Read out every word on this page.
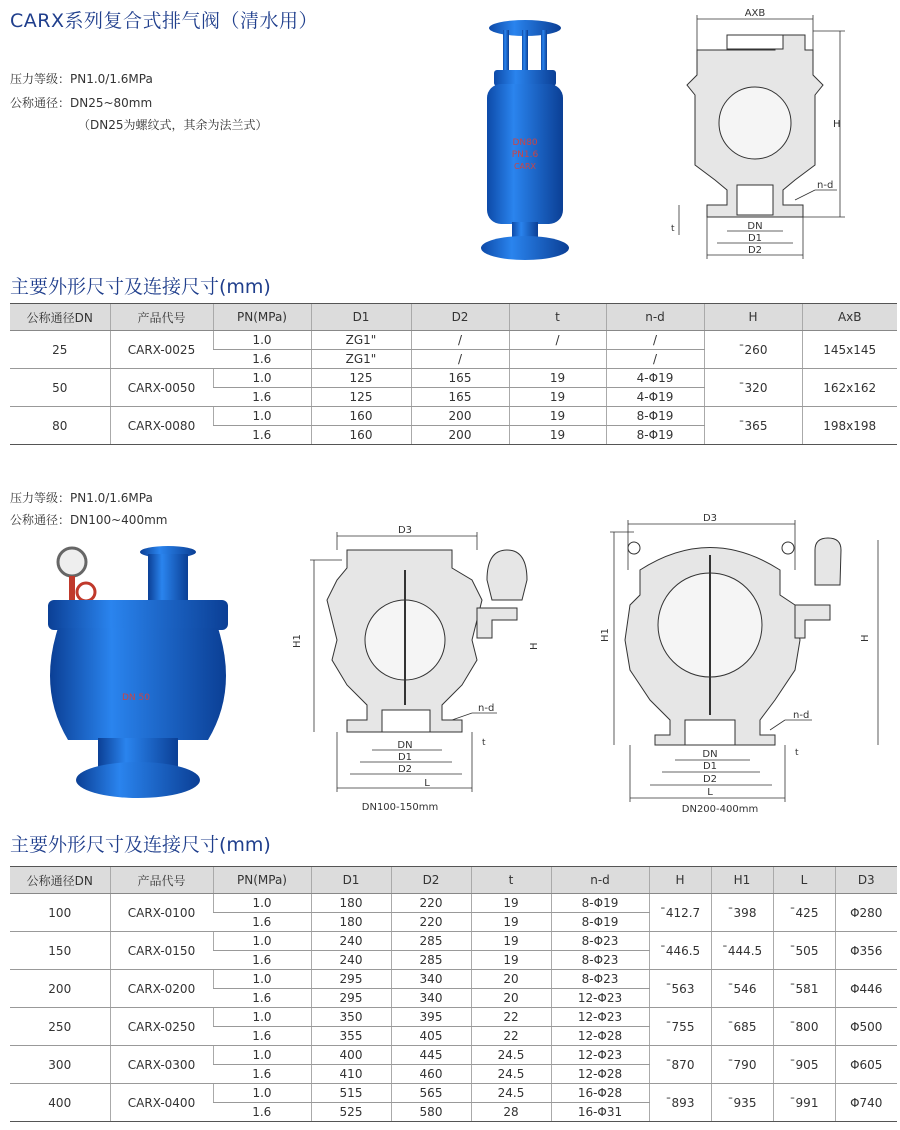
CARX系列复合式排气阀（清水用）
压力等级：PN1.0/1.6MPa
公称通径：DN25~80mm
（DN25为螺纹式，其余为法兰式）
DN80
PN1.6
CARX
AXB
H
n-d
DN
D1
D2
t
主要外形尺寸及连接尺寸(mm)
公称通径DN	产品代号	PN(MPa)	D1	D2	t	n-d	H	AxB
25	CARX-0025	1.0	ZG1"	/	/	/	ˉ260	145x145
		1.6	ZG1"	/		/		
50	CARX-0050	1.0	125	165	19	4-Φ19	ˉ320	162x162
		1.6	125	165	19	4-Φ19		
80	CARX-0080	1.0	160	200	19	8-Φ19	ˉ365	198x198
		1.6	160	200	19	8-Φ19		
压力等级：PN1.0/1.6MPa
公称通径：DN100~400mm
DN 50
D3
H1	H
n-d
DN
D1
D2
L
t
DN100-150mm
D3
H1	H
n-d
DN
D1
D2
L
t
DN200-400mm
主要外形尺寸及连接尺寸(mm)
公称通径DN	产品代号	PN(MPa)	D1	D2	t	n-d	H	H1	L	D3
100	CARX-0100	1.0	180	220	19	8-Φ19	ˉ412.7	ˉ398	ˉ425	Φ280
		1.6	180	220	19	8-Φ19				
150	CARX-0150	1.0	240	285	19	8-Φ23	ˉ446.5	ˉ444.5	ˉ505	Φ356
		1.6	240	285	19	8-Φ23				
200	CARX-0200	1.0	295	340	20	8-Φ23	ˉ563	ˉ546	ˉ581	Φ446
		1.6	295	340	20	12-Φ23				
250	CARX-0250	1.0	350	395	22	12-Φ23	ˉ755	ˉ685	ˉ800	Φ500
		1.6	355	405	22	12-Φ28				
300	CARX-0300	1.0	400	445	24.5	12-Φ23	ˉ870	ˉ790	ˉ905	Φ605
		1.6	410	460	24.5	12-Φ28				
400	CARX-0400	1.0	515	565	24.5	16-Φ28	ˉ893	ˉ935	ˉ991	Φ740
		1.6	525	580	28	16-Φ31				
